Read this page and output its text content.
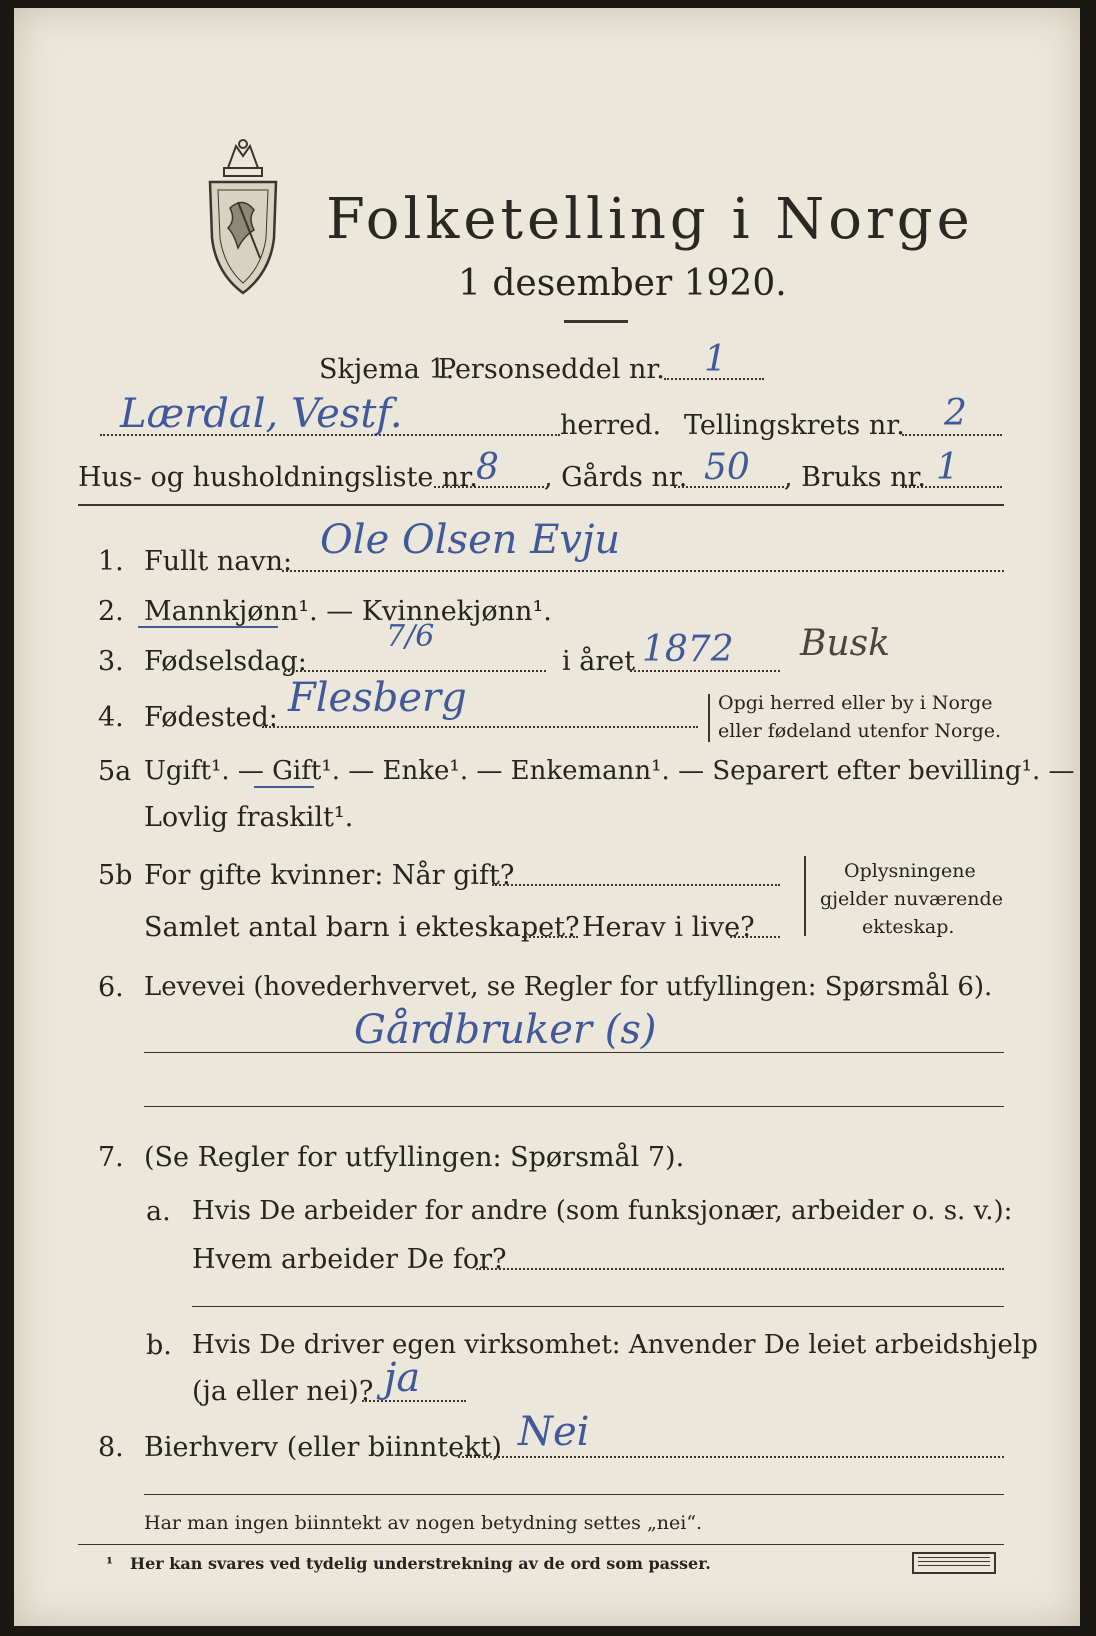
Folketelling i Norge
1 desember 1920.
Skjema 1.
Personseddel nr. 1
Lærdal, Vestf.	herred. Tellingskrets nr. 2
Hus- og husholdningsliste nr.
8 , Gårds nr. 50 , Bruks nr. 1
1. Fullt navn: Ole Olsen Evju
2. Mannkjønn¹. — Kvinnekjønn¹.
3. Fødselsdag:
7/6
i året 1872 Busk
4. Fødested: Flesberg	Opgi herred eller by i Norge
eller fødeland utenfor Norge.
5a Ugift¹. — Gift¹. — Enke¹. — Enkemann¹. — Separert efter bevilling¹. —
Lovlig fraskilt¹.
5b For gifte kvinner: Når gift?
Samlet antal barn i ekteskapet? Herav i live?
Oplysningene
gjelder nuværende
ekteskap.
6. Levevei (hovederhvervet, se Regler for utfyllingen: Spørsmål 6).
Gårdbruker (s)
7. (Se Regler for utfyllingen: Spørsmål 7).
a. Hvis De arbeider for andre (som funksjonær, arbeider o. s. v.):
Hvem arbeider De for?
b. Hvis De driver egen virksomhet: Anvender De leiet arbeidshjelp
(ja eller nei)? ja
8. Bierhverv (eller biinntekt) Nei
Har man ingen biinntekt av nogen betydning settes „nei“.
¹ Her kan svares ved tydelig understrekning av de ord som passer.
